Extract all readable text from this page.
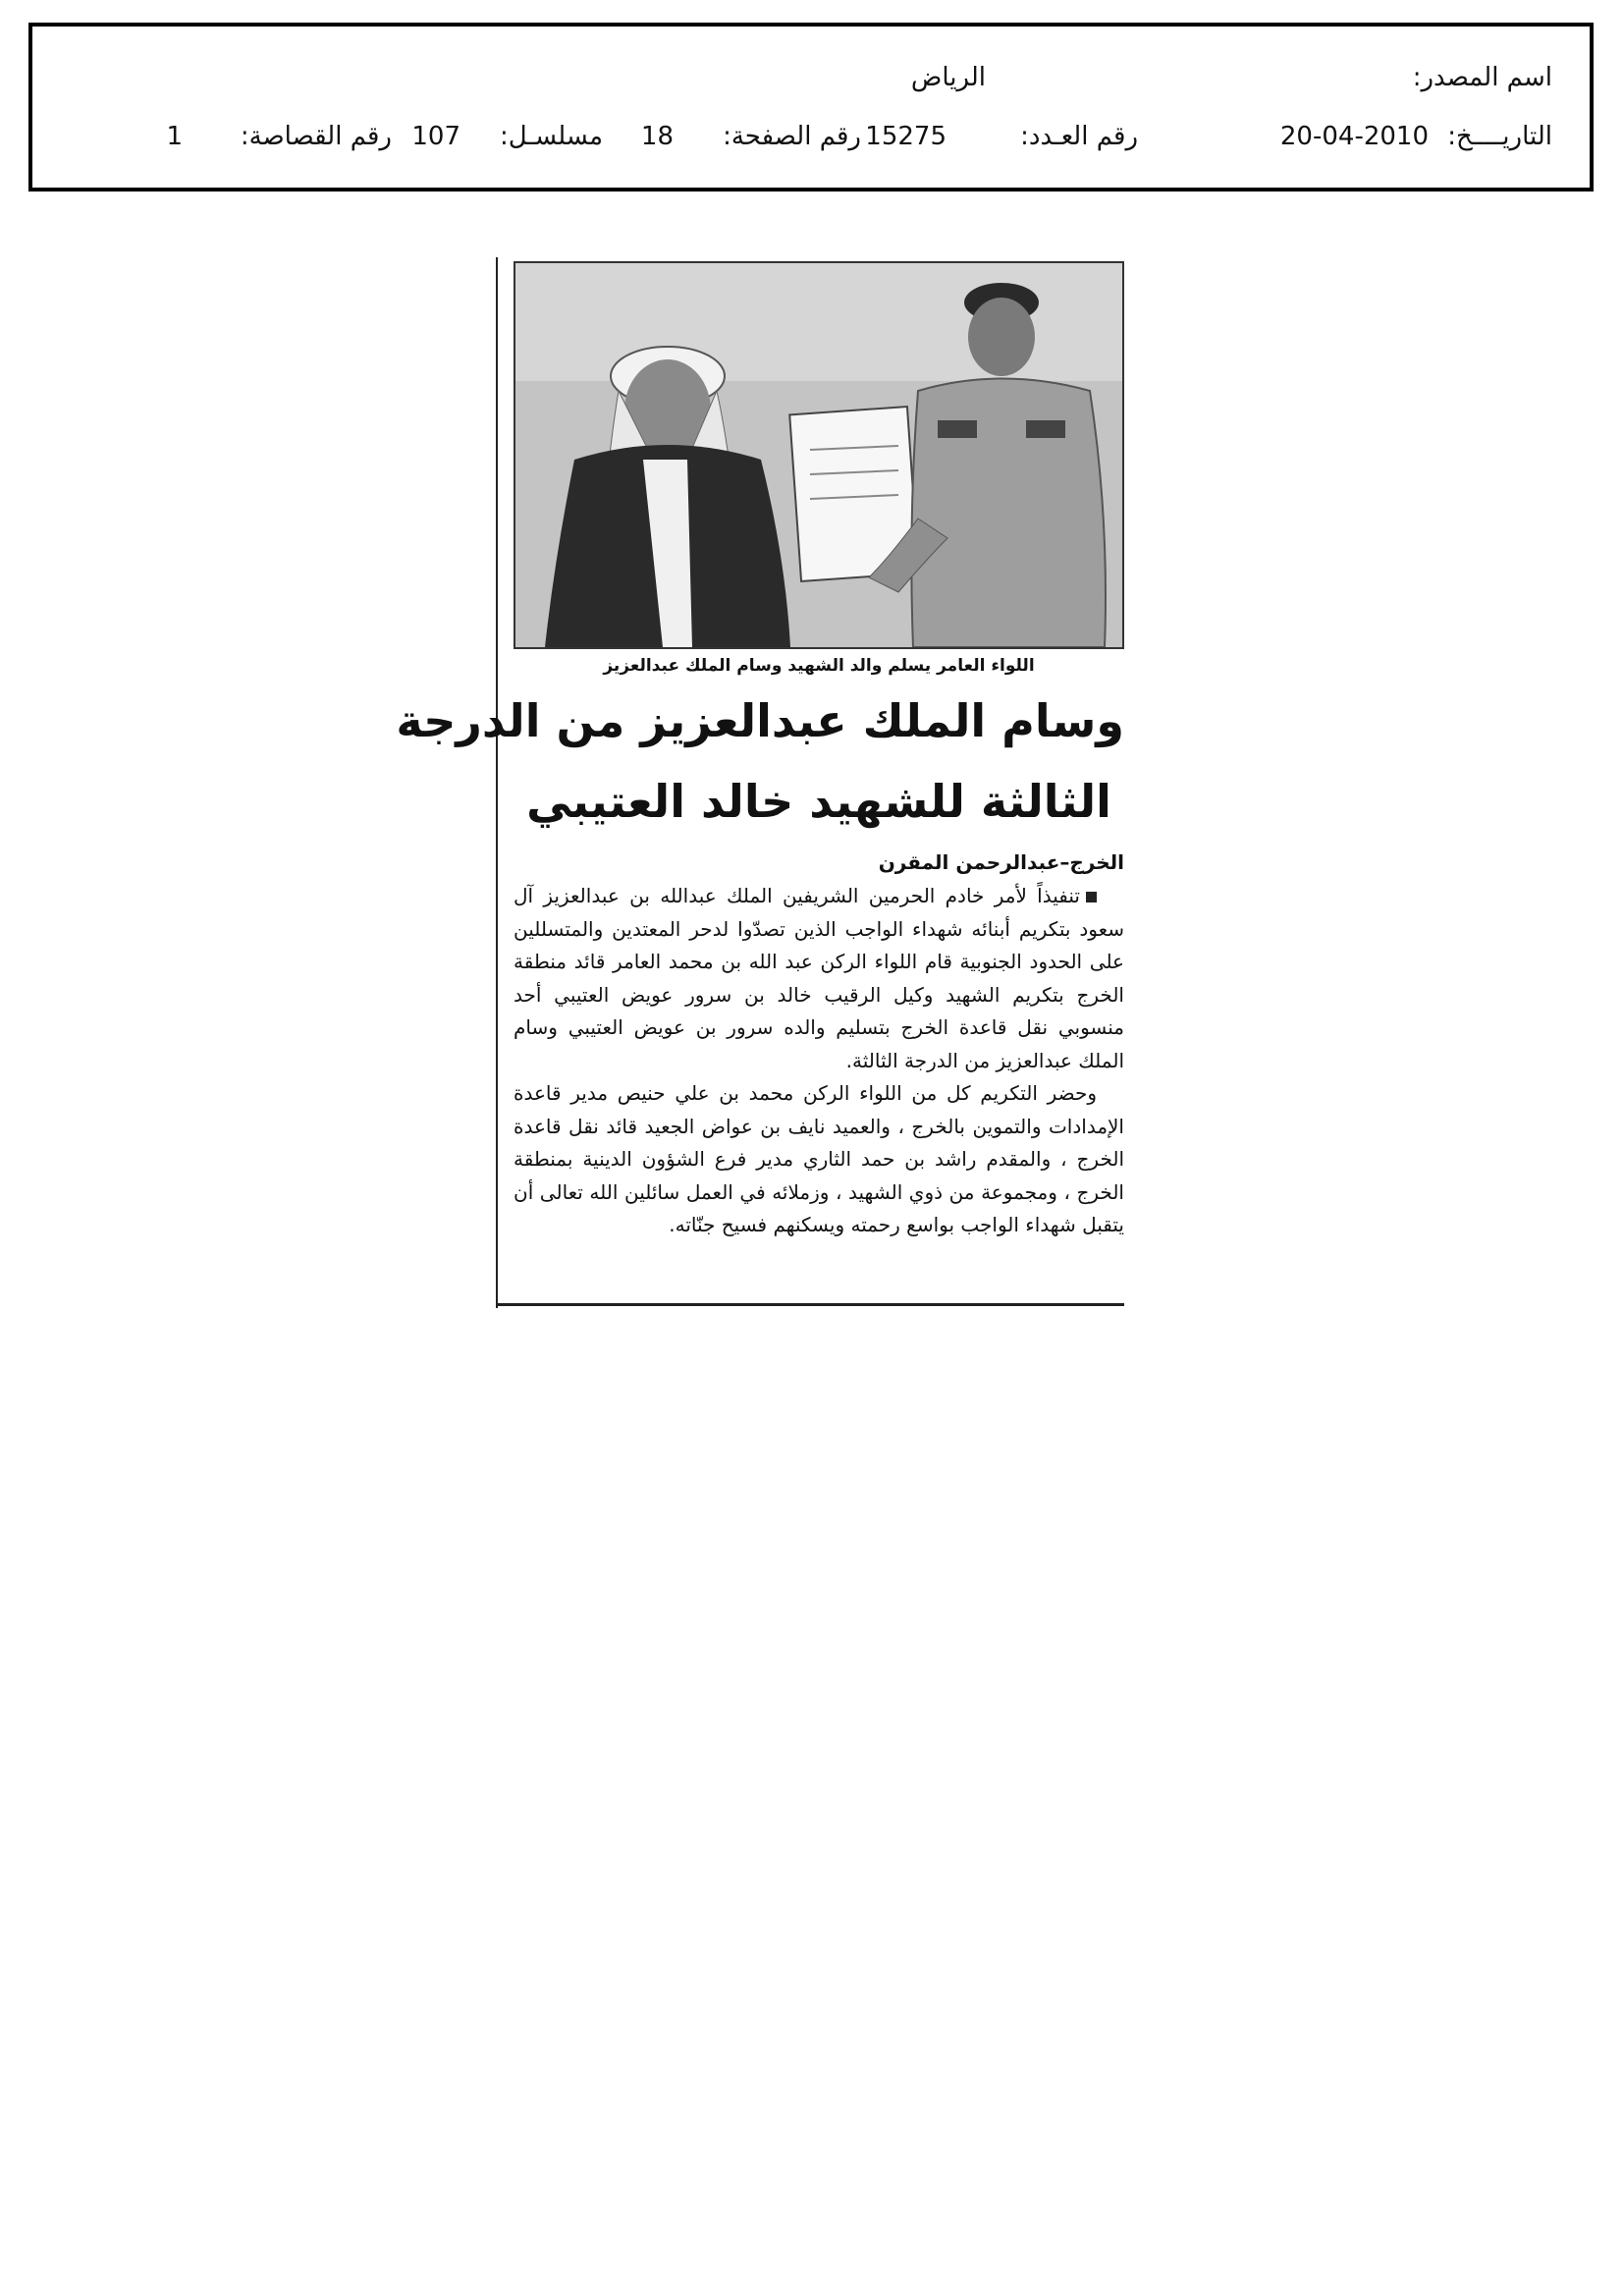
اسم المصدر:
الرياض
التاريــــخ:
20-04-2010
رقم العـدد:
15275
رقم الصفحة:
18
مسلسـل:
107
رقم القصاصة:
1
اللواء العامر يسلم والد الشهيد وسام الملك عبدالعزيز
وسام الملك عبدالعزيز من الدرجة
الثالثة للشهيد خالد العتيبي
الخرج–عبدالرحمن المقرن

تنفيذاً لأمر خادم الحرمين الشريفين الملك عبدالله بن عبدالعزيز آل سعود بتكريم أبنائه شهداء الواجب الذين تصدّوا لدحر المعتدين والمتسللين على الحدود الجنوبية قام اللواء الركن عبد الله بن محمد العامر قائد منطقة الخرج بتكريم الشهيد وكيل الرقيب خالد بن سرور عويض العتيبي أحد منسوبي نقل قاعدة الخرج بتسليم والده سرور بن عويض العتيبي وسام الملك عبدالعزيز من الدرجة الثالثة.

وحضر التكريم كل من اللواء الركن محمد بن علي حنيص مدير قاعدة الإمدادات والتموين بالخرج ، والعميد نايف بن عواض الجعيد قائد نقل قاعدة الخرج ، والمقدم راشد بن حمد الثاري مدير فرع الشؤون الدينية بمنطقة الخرج ، ومجموعة من ذوي الشهيد ، وزملائه في العمل سائلين الله تعالى أن يتقبل شهداء الواجب بواسع رحمته ويسكنهم فسيح جنّاته.
